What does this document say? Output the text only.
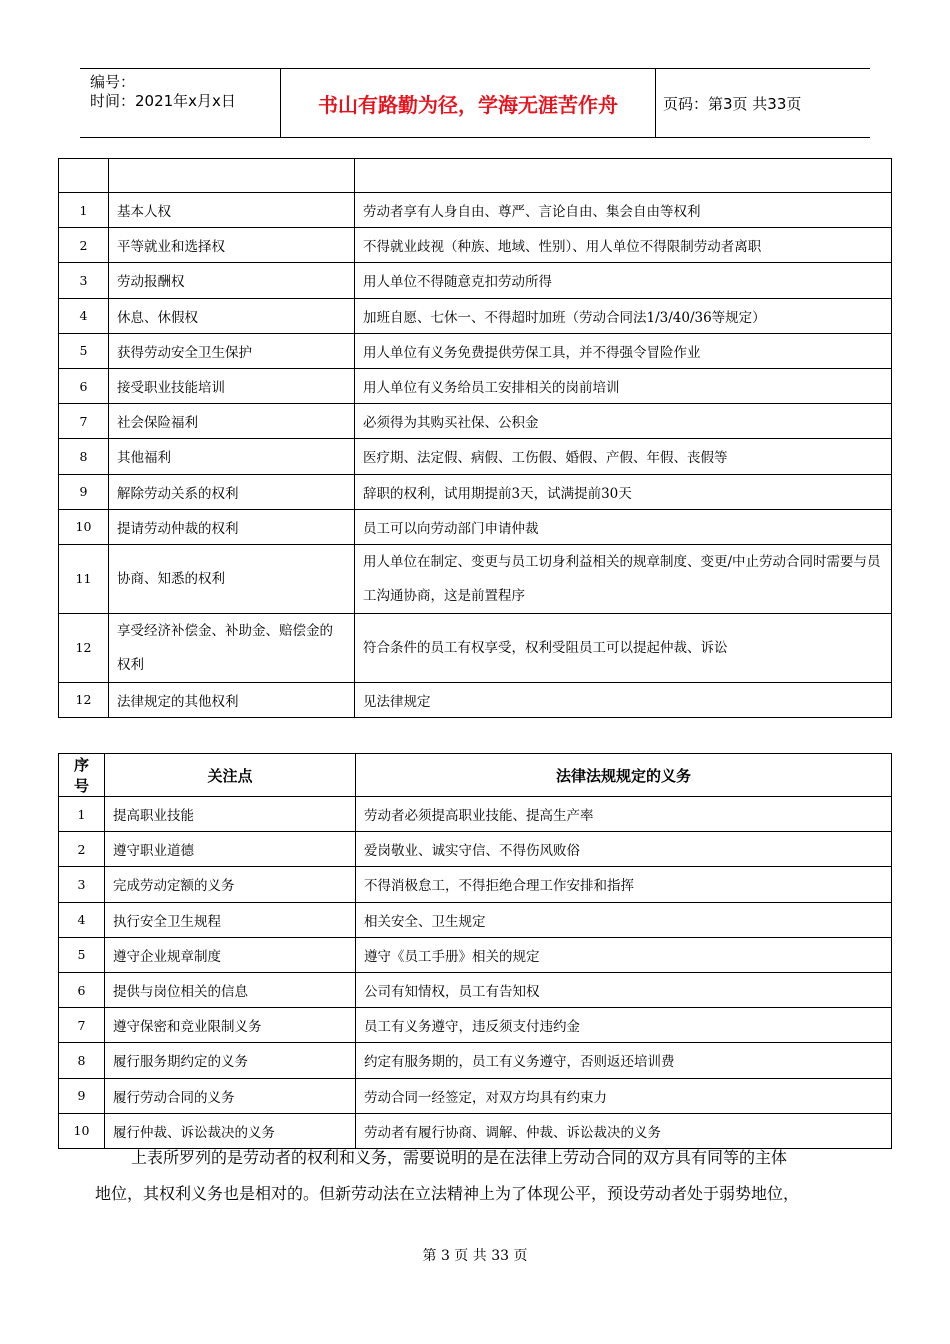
编号：
时间：2021年x月x日	书山有路勤为径，学海无涯苦作舟	页码：第3页 共33页

1	基本人权	劳动者享有人身自由、尊严、言论自由、集会自由等权利
2	平等就业和选择权	不得就业歧视（种族、地域、性别）、用人单位不得限制劳动者离职
3	劳动报酬权	用人单位不得随意克扣劳动所得
4	休息、休假权	加班自愿、七休一、不得超时加班（劳动合同法1/3/40/36等规定）
5	获得劳动安全卫生保护	用人单位有义务免费提供劳保工具，并不得强令冒险作业
6	接受职业技能培训	用人单位有义务给员工安排相关的岗前培训
7	社会保险福利	必须得为其购买社保、公积金
8	其他福利	医疗期、法定假、病假、工伤假、婚假、产假、年假、丧假等
9	解除劳动关系的权利	辞职的权利，试用期提前3天，试满提前30天
10	提请劳动仲裁的权利	员工可以向劳动部门申请仲裁
11	协商、知悉的权利	用人单位在制定、变更与员工切身利益相关的规章制度、变更/中止劳动合同时需要与员工沟通协商，这是前置程序
12	享受经济补偿金、补助金、赔偿金的权利	符合条件的员工有权享受，权利受阻员工可以提起仲裁、诉讼
12	法律规定的其他权利	见法律规定
序号	关注点	法律法规规定的义务
1	提高职业技能	劳动者必须提高职业技能、提高生产率
2	遵守职业道德	爱岗敬业、诚实守信、不得伤风败俗
3	完成劳动定额的义务	不得消极怠工，不得拒绝合理工作安排和指挥
4	执行安全卫生规程	相关安全、卫生规定
5	遵守企业规章制度	遵守《员工手册》相关的规定
6	提供与岗位相关的信息	公司有知情权，员工有告知权
7	遵守保密和竞业限制义务	员工有义务遵守，违反须支付违约金
8	履行服务期约定的义务	约定有服务期的，员工有义务遵守，否则返还培训费
9	履行劳动合同的义务	劳动合同一经签定，对双方均具有约束力
10	履行仲裁、诉讼裁决的义务	劳动者有履行协商、调解、仲裁、诉讼裁决的义务

上表所罗列的是劳动者的权利和义务，需要说明的是在法律上劳动合同的双方具有同等的主体

地位，其权利义务也是相对的。但新劳动法在立法精神上为了体现公平，预设劳动者处于弱势地位，

第 3 页 共 33 页
